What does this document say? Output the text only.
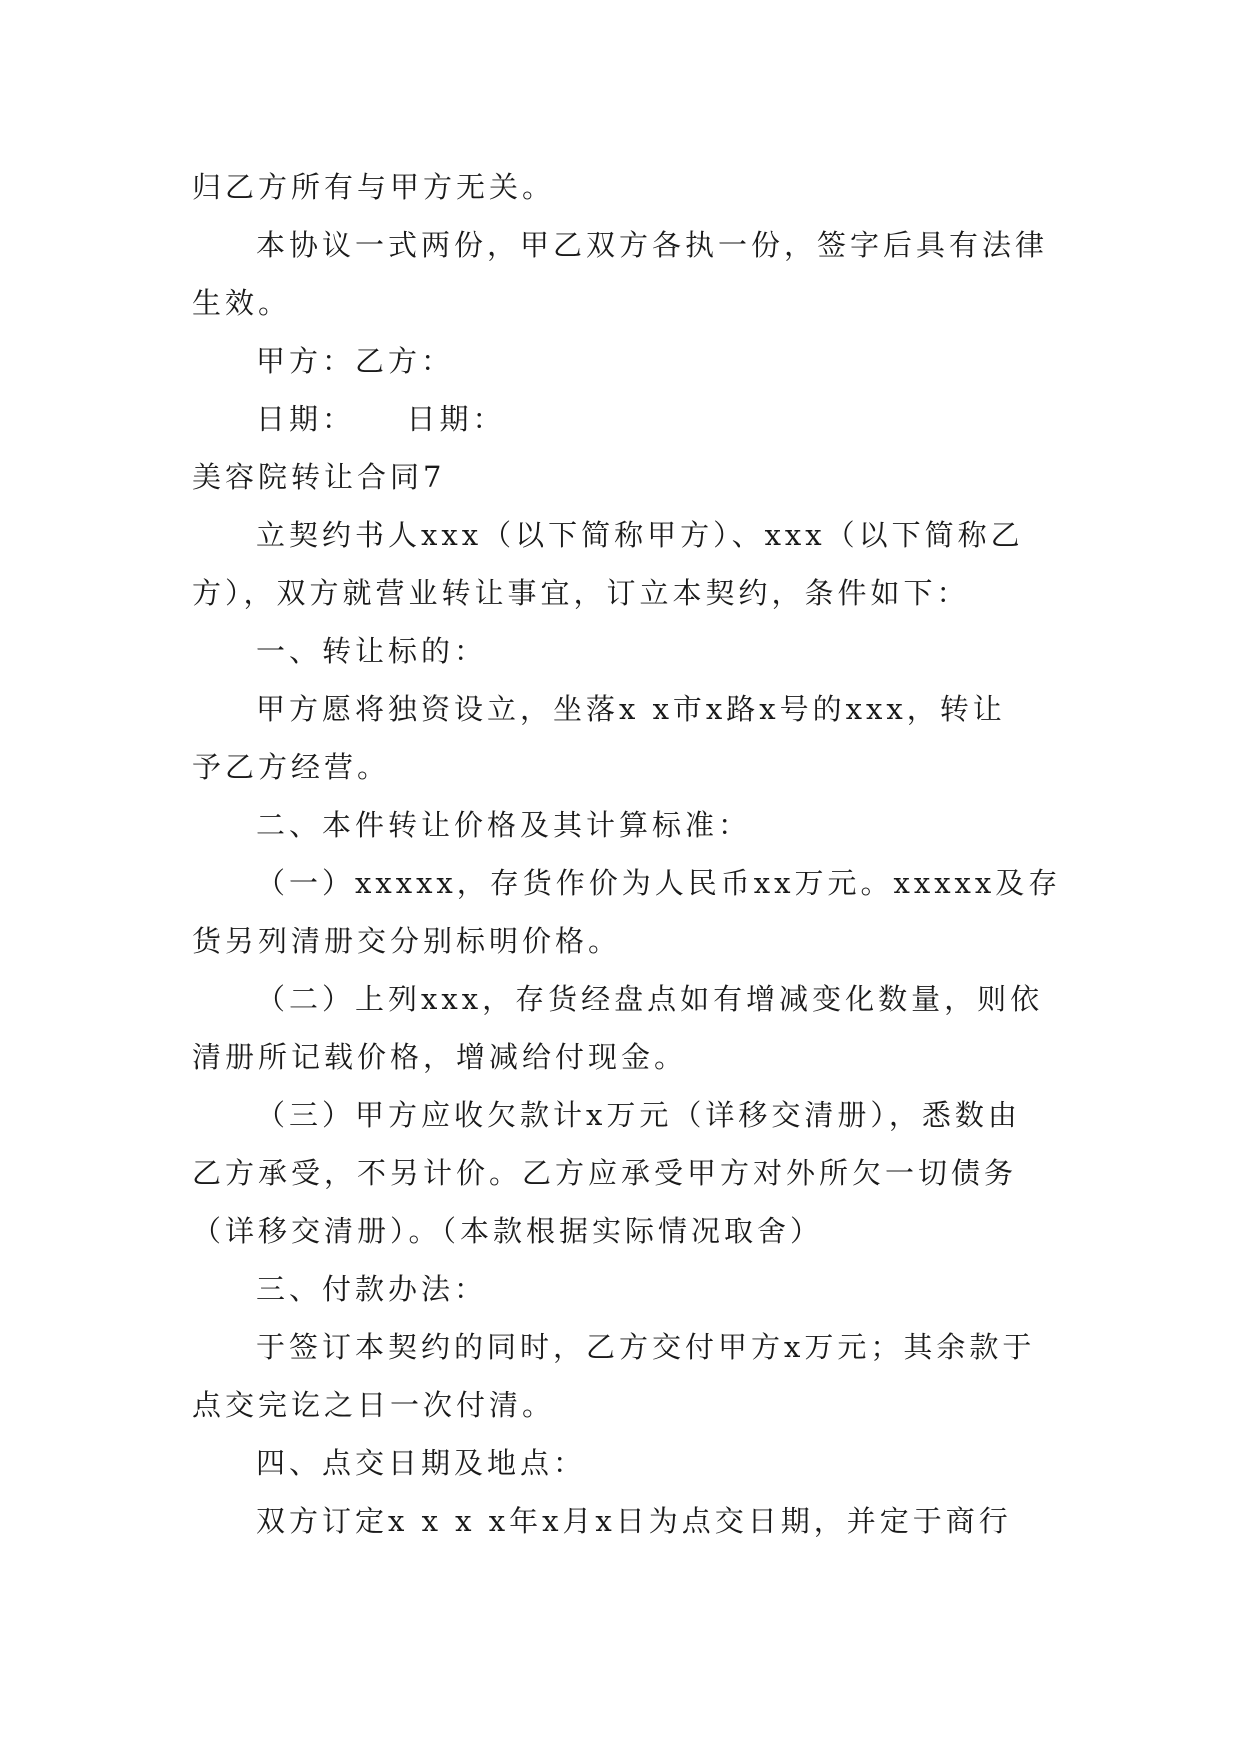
归乙方所有与甲方无关。
本协议一式两份，甲乙双方各执一份，签字后具有法律
生效。
甲方：乙方：
日期：　　日期：
美容院转让合同7
立契约书人xxx（以下简称甲方）、xxx（以下简称乙
方），双方就营业转让事宜，订立本契约，条件如下：
一、转让标的：
甲方愿将独资设立，坐落x x市x路x号的xxx，转让
予乙方经营。
二、本件转让价格及其计算标准：
（一）xxxxx，存货作价为人民币xx万元。xxxxx及存
货另列清册交分别标明价格。
（二）上列xxx，存货经盘点如有增减变化数量，则依
清册所记载价格，增减给付现金。
（三）甲方应收欠款计x万元（详移交清册），悉数由
乙方承受，不另计价。乙方应承受甲方对外所欠一切债务
（详移交清册）。（本款根据实际情况取舍）
三、付款办法：
于签订本契约的同时，乙方交付甲方x万元；其余款于
点交完讫之日一次付清。
四、点交日期及地点：
双方订定x x x x年x月x日为点交日期，并定于商行
